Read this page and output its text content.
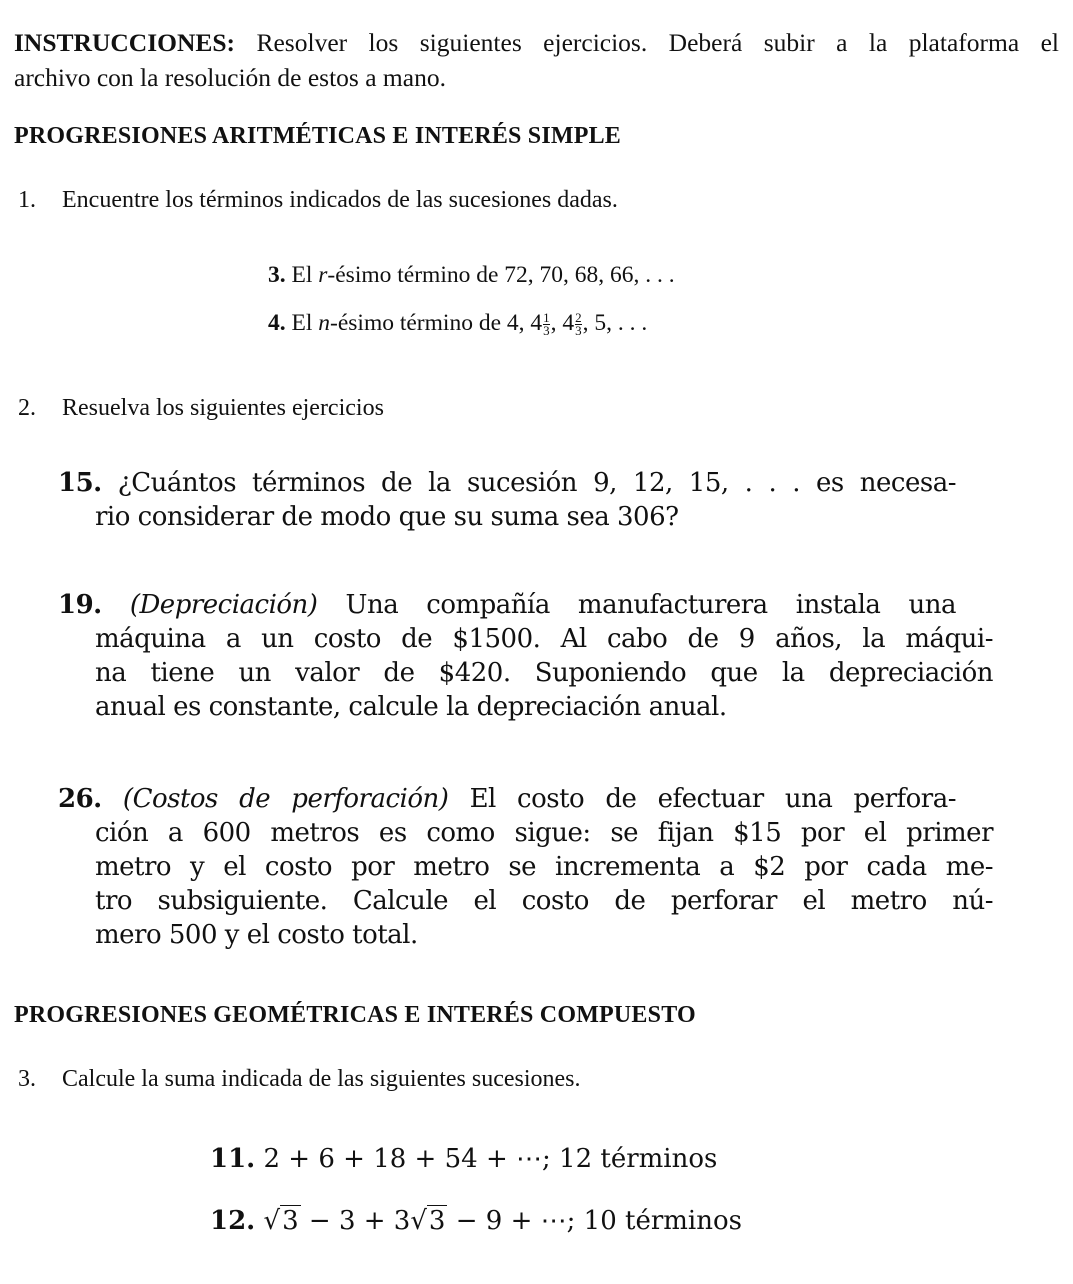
INSTRUCCIONES: Resolver los siguientes ejercicios. Deberá subir a la plataforma el
archivo con la resolución de estos a mano.
PROGRESIONES ARITMÉTICAS E INTERÉS SIMPLE
1. Encuentre los términos indicados de las sucesiones dadas.
3. El r-ésimo término de 72, 70, 68, 66, . . .
4. El n-ésimo término de 4, $4 \frac{1}{3}$ , $4 \frac{2}{3}$ , 5, . . .
2. Resuelva los siguientes ejercicios
15. ¿Cuántos términos de la sucesión 9, 12, 15, . . . es necesa-
rio considerar de modo que su suma sea 306?
19. (Depreciación) Una compañía manufacturera instala una
máquina a un costo de $1500. Al cabo de 9 años, la máqui-
na tiene un valor de $420. Suponiendo que la depreciación
anual es constante, calcule la depreciación anual.
26. (Costos de perforación) El costo de efectuar una perfora-
ción a 600 metros es como sigue: se fijan $15 por el primer
metro y el costo por metro se incrementa a $2 por cada me-
tro subsiguiente. Calcule el costo de perforar el metro nú-
mero 500 y el costo total.
PROGRESIONES GEOMÉTRICAS E INTERÉS COMPUESTO
3. Calcule la suma indicada de las siguientes sucesiones.
11. 2 + 6 + 18 + 54 + ⋯; 12 términos
12. √3 − 3 + 3√3 − 9 + ⋯; 10 términos
